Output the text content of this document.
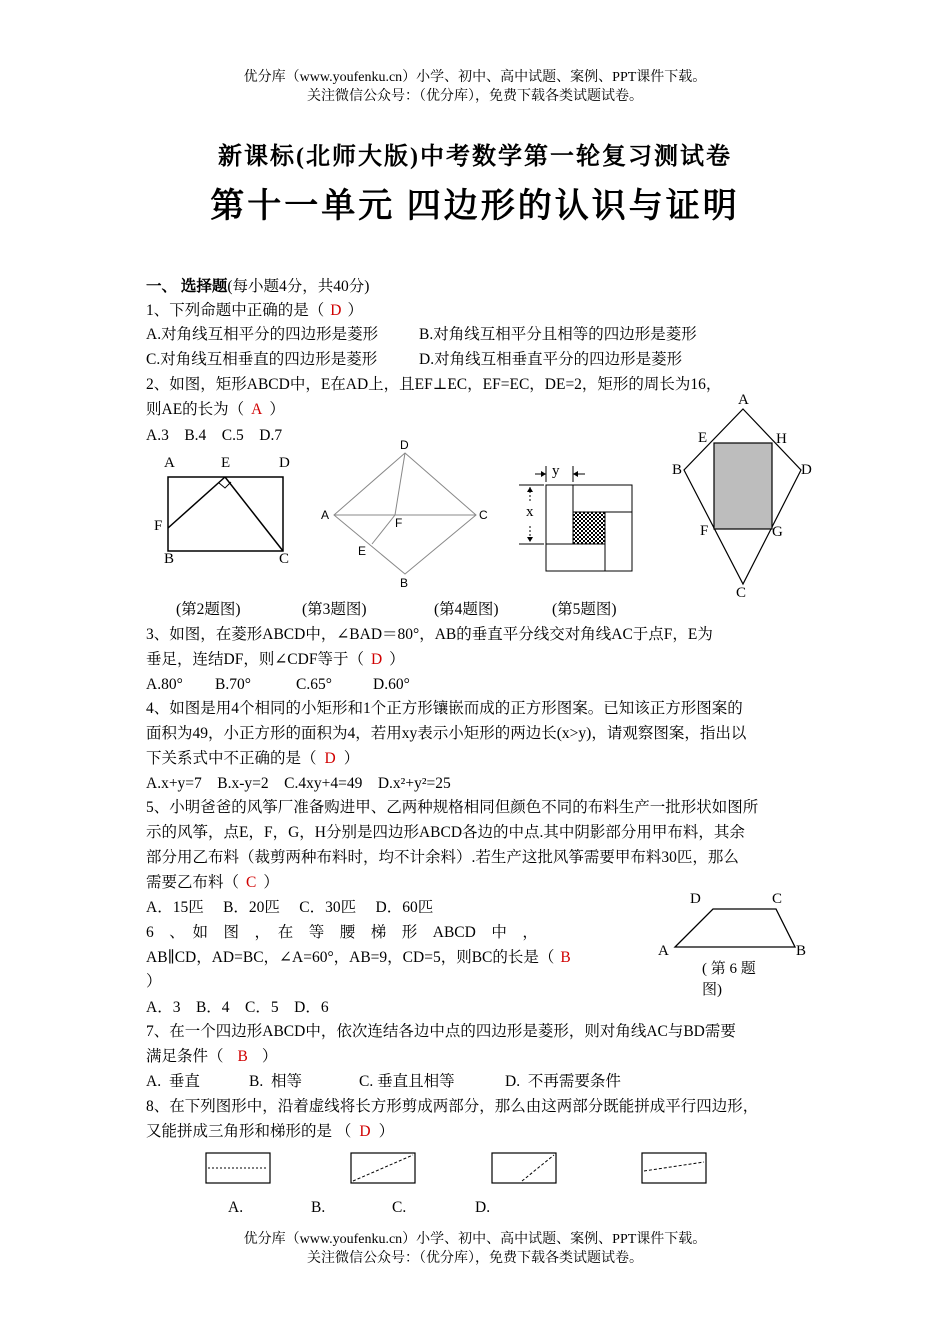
优分库（www.youfenku.cn）小学、初中、高中试题、案例、PPT课件下载。
关注微信公众号：（优分库），免费下载各类试题试卷。
新课标(北师大版)中考数学第一轮复习测试卷
第十一单元 四边形的认识与证明
一、 选择题(每小题4分，共40分)
1、下列命题中正确的是（ D ）
A.对角线互相平分的四边形是菱形	B.对角线互相平分且相等的四边形是菱形
C.对角线互相垂直的四边形是菱形	D.对角线互相垂直平分的四边形是菱形
2、如图，矩形ABCD中，E在AD上，且EF⊥EC，EF=EC，DE=2，矩形的周长为16，
则AE的长为（ A ）
A.3    B.4    C.5    D.7
A	E	D
F
B	C
(第2题图)
D
A	C
F
E
B
(第3题图)
y
x
(第4题图)
A
E	H
B	D
F	G
C
(第5题图)
3、如图，在菱形ABCD中，∠BAD＝80°，AB的垂直平分线交对角线AC于点F，E为
垂足，连结DF，则∠CDF等于（ D ）
A.80° B.70°	C.65°	D.60°
4、如图是用4个相同的小矩形和1个正方形镶嵌而成的正方形图案。已知该正方形图案的
面积为49，小正方形的面积为4，若用xy表示小矩形的两边长(x>y)，请观察图案，指出以
下关系式中不正确的是（ D ）
A.x+y=7    B.x-y=2    C.4xy+4=49    D.x²+y²=25
5、小明爸爸的风筝厂准备购进甲、乙两种规格相同但颜色不同的布料生产一批形状如图所
示的风筝，点E，F，G，H分别是四边形ABCD各边的中点.其中阴影部分用甲布料，其余
部分用乙布料（裁剪两种布料时，均不计余料）.若生产这批风筝需要甲布料30匹，那么
需要乙布料（ C ）
A．15匹     B．20匹     C．30匹     D．60匹
6　、　如　图　，　在　等　腰　梯　形　ABCD　中　，
AB∥CD，AD=BC，∠A=60°，AB=9，CD=5，则BC的长是（ B
）
A．3    B．4    C．5    D．6
D	C
A	B
( 第 6 题
图)
7、在一个四边形ABCD中，依次连结各边中点的四边形是菱形，则对角线AC与BD需要
满足条件（ B ）
A.  垂直	B.  相等	C. 垂直且相等	D.  不再需要条件
8、在下列图形中，沿着虚线将长方形剪成两部分，那么由这两部分既能拼成平行四边形，
又能拼成三角形和梯形的是 （ D ）
A.	B.	C.	D.
优分库（www.youfenku.cn）小学、初中、高中试题、案例、PPT课件下载。
关注微信公众号：（优分库），免费下载各类试题试卷。
